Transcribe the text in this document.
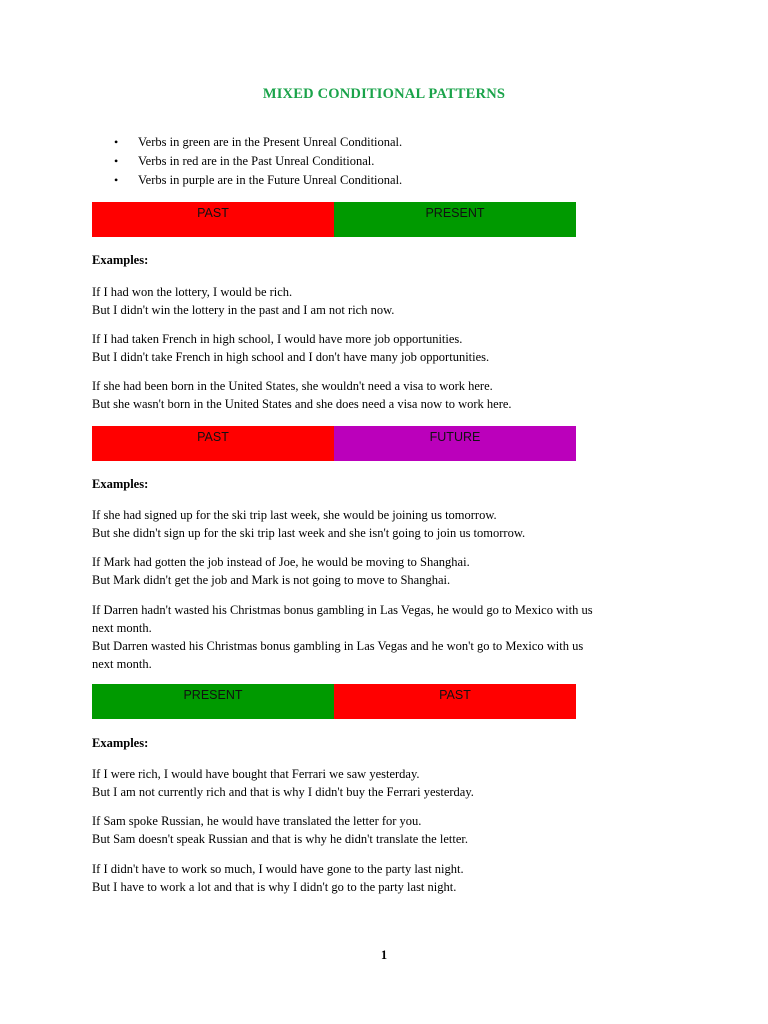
MIXED CONDITIONAL PATTERNS
• Verbs in green are in the Present Unreal Conditional.
• Verbs in red are in the Past Unreal Conditional.
• Verbs in purple are in the Future Unreal Conditional.
PAST	PRESENT
Examples:
If I had won the lottery, I would be rich.
But I didn't win the lottery in the past and I am not rich now.
If I had taken French in high school, I would have more job opportunities.
But I didn't take French in high school and I don't have many job opportunities.
If she had been born in the United States, she wouldn't need a visa to work here.
But she wasn't born in the United States and she does need a visa now to work here.
PAST	FUTURE
Examples:
If she had signed up for the ski trip last week, she would be joining us tomorrow.
But she didn't sign up for the ski trip last week and she isn't going to join us tomorrow.
If Mark had gotten the job instead of Joe, he would be moving to Shanghai.
But Mark didn't get the job and Mark is not going to move to Shanghai.
If Darren hadn't wasted his Christmas bonus gambling in Las Vegas, he would go to Mexico with us
next month.
But Darren wasted his Christmas bonus gambling in Las Vegas and he won't go to Mexico with us
next month.
PRESENT	PAST
Examples:
If I were rich, I would have bought that Ferrari we saw yesterday.
But I am not currently rich and that is why I didn't buy the Ferrari yesterday.
If Sam spoke Russian, he would have translated the letter for you.
But Sam doesn't speak Russian and that is why he didn't translate the letter.
If I didn't have to work so much, I would have gone to the party last night.
But I have to work a lot and that is why I didn't go to the party last night.
1
